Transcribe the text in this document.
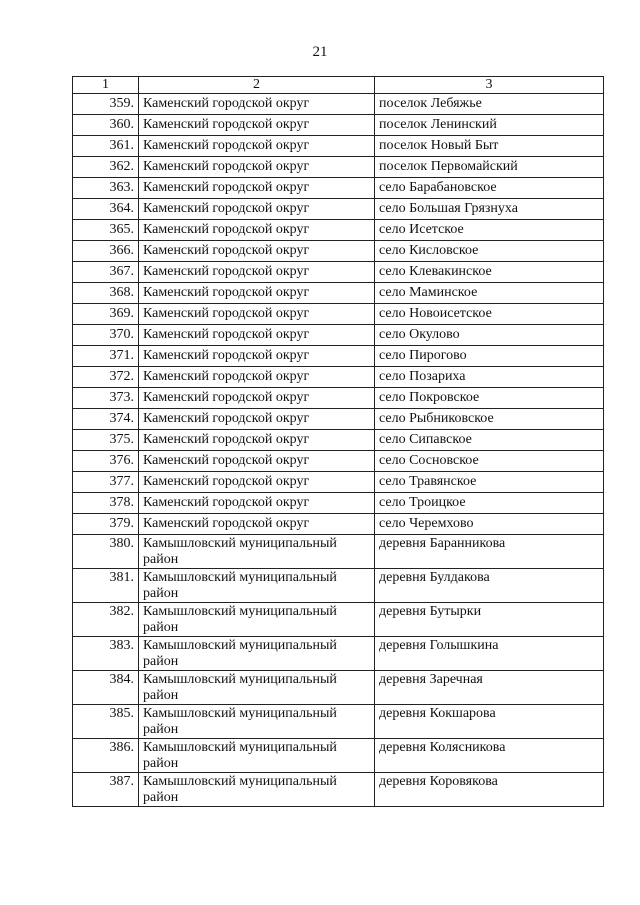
21
1	2	3
359.	Каменский городской округ	поселок Лебяжье
360.	Каменский городской округ	поселок Ленинский
361.	Каменский городской округ	поселок Новый Быт
362.	Каменский городской округ	поселок Первомайский
363.	Каменский городской округ	село Барабановское
364.	Каменский городской округ	село Большая Грязнуха
365.	Каменский городской округ	село Исетское
366.	Каменский городской округ	село Кисловское
367.	Каменский городской округ	село Клевакинское
368.	Каменский городской округ	село Маминское
369.	Каменский городской округ	село Новоисетское
370.	Каменский городской округ	село Окулово
371.	Каменский городской округ	село Пирогово
372.	Каменский городской округ	село Позариха
373.	Каменский городской округ	село Покровское
374.	Каменский городской округ	село Рыбниковское
375.	Каменский городской округ	село Сипавское
376.	Каменский городской округ	село Сосновское
377.	Каменский городской округ	село Травянское
378.	Каменский городской округ	село Троицкое
379.	Каменский городской округ	село Черемхово
380.	Камышловский муниципальный район	деревня Баранникова
381.	Камышловский муниципальный район	деревня Булдакова
382.	Камышловский муниципальный район	деревня Бутырки
383.	Камышловский муниципальный район	деревня Голышкина
384.	Камышловский муниципальный район	деревня Заречная
385.	Камышловский муниципальный район	деревня Кокшарова
386.	Камышловский муниципальный район	деревня Колясникова
387.	Камышловский муниципальный район	деревня Коровякова
